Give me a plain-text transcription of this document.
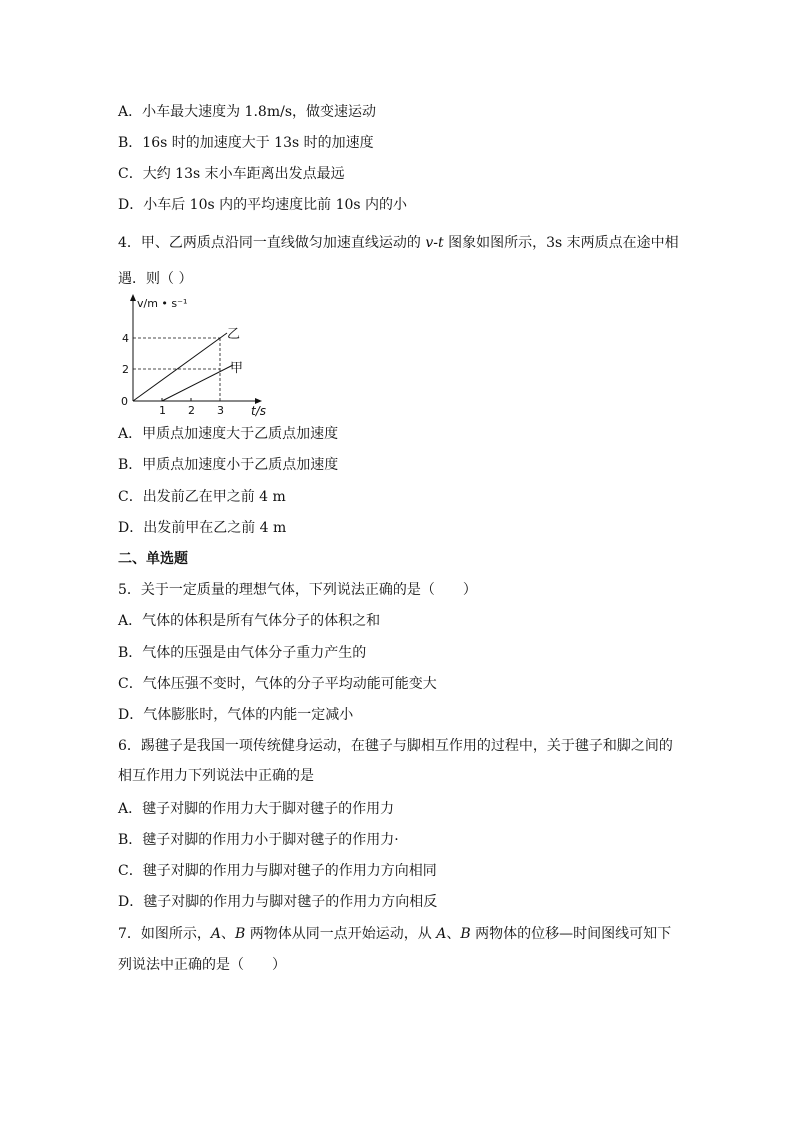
A．小车最大速度为 1.8m/s，做变速运动
B．16s 时的加速度大于 13s 时的加速度
C．大约 13s 末小车距离出发点最远
D．小车后 10s 内的平均速度比前 10s 内的小
4．甲、乙两质点沿同一直线做匀加速直线运动的 v-t 图象如图所示，3s 末两质点在途中相
遇．则（ ）
v/m • s⁻¹
0
2
4
1 2 3 t/s
乙
甲
A．甲质点加速度大于乙质点加速度
B．甲质点加速度小于乙质点加速度
C．出发前乙在甲之前 4 m
D．出发前甲在乙之前 4 m
二、单选题
5．关于一定质量的理想气体，下列说法正确的是（　　）
A．气体的体积是所有气体分子的体积之和
B．气体的压强是由气体分子重力产生的
C．气体压强不变时，气体的分子平均动能可能变大
D．气体膨胀时，气体的内能一定减小
6．踢毽子是我国一项传统健身运动，在毽子与脚相互作用的过程中，关于毽子和脚之间的
相互作用力下列说法中正确的是
A．毽子对脚的作用力大于脚对毽子的作用力
B．毽子对脚的作用力小于脚对毽子的作用力·
C．毽子对脚的作用力与脚对毽子的作用力方向相同
D．毽子对脚的作用力与脚对毽子的作用力方向相反
7．如图所示，A、B 两物体从同一点开始运动，从 A、B 两物体的位移—时间图线可知下
列说法中正确的是（　　）
